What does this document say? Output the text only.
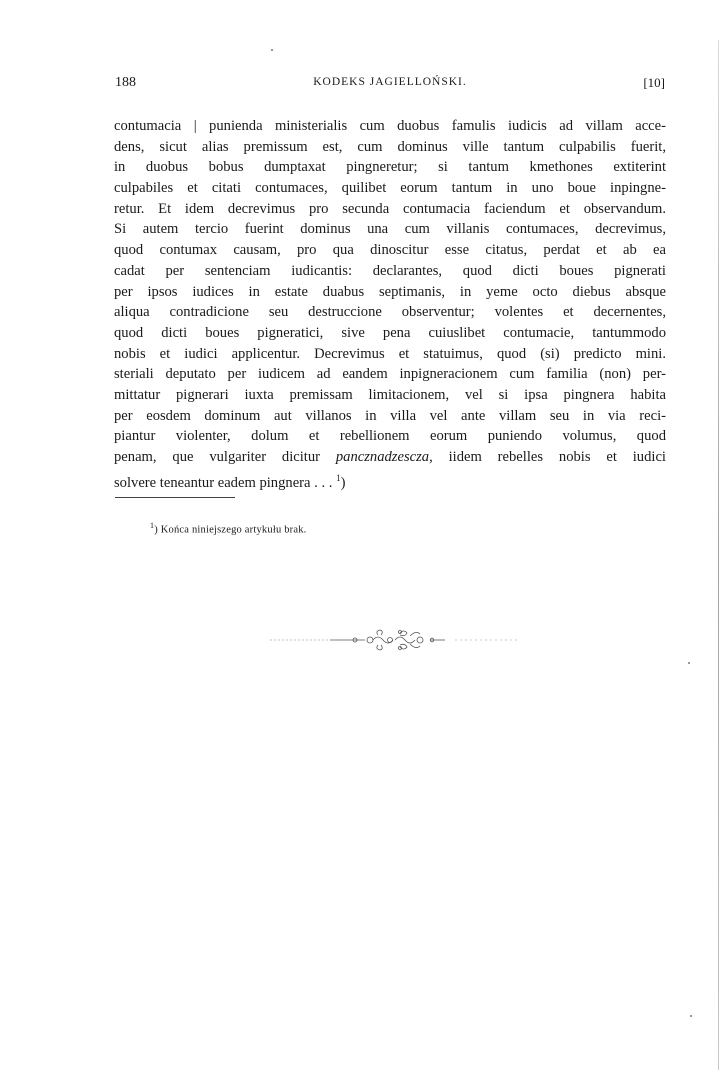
188	KODEKS JAGIELLOŃSKI.	[10]
contumacia | punienda ministerialis cum duobus famulis iudicis ad villam acce-
dens, sicut alias premissum est, cum dominus ville tantum culpabilis fuerit,
in duobus bobus dumptaxat pingneretur; si tantum kmethones extiterint
culpabiles et citati contumaces, quilibet eorum tantum in uno boue inpingne-
retur. Et idem decrevimus pro secunda contumacia faciendum et observandum.
Si autem tercio fuerint dominus una cum villanis contumaces, decrevimus,
quod contumax causam, pro qua dinoscitur esse citatus, perdat et ab ea
cadat per sentenciam iudicantis: declarantes, quod dicti boues pignerati
per ipsos iudices in estate duabus septimanis, in yeme octo diebus absque
aliqua contradicione seu destruccione observentur; volentes et decernentes,
quod dicti boues pigneratici, sive pena cuiuslibet contumacie, tantummodo
nobis et iudici applicentur. Decrevimus et statuimus, quod (si) predicto mini.
steriali deputato per iudicem ad eandem inpigneracionem cum familia (non) per-
mittatur pignerari iuxta premissam limitacionem, vel si ipsa pingnera habita
per eosdem dominum aut villanos in villa vel ante villam seu in via reci-
piantur violenter, dolum et rebellionem eorum puniendo volumus, quod
penam, que vulgariter dicitur pancznadzescza, iidem rebelles nobis et iudici
solvere teneantur eadem pingnera . . . $^1$)
$^1$) Końca niniejszego artykułu brak.
